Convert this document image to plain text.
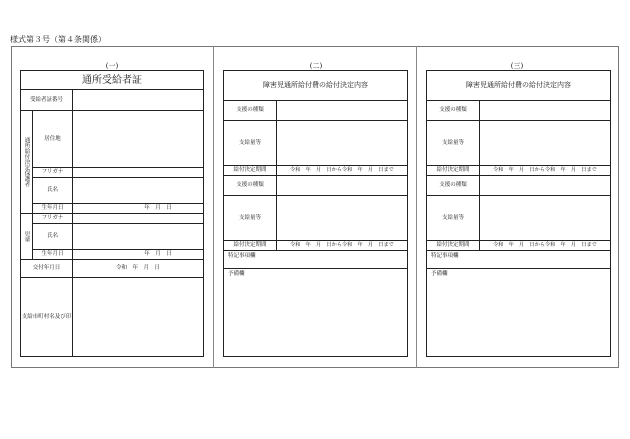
様式第３号（第４条関係）
(一)	(二)	(三)
通所受給者証		
受給者証番号		

通所給付決定保護者	居住地	
	フリガナ	
	氏名	
	生年月日	年　月　日

児童	フリガナ	
	氏名	
	生年月日	年　月　日
交付年月日		令和　年　月　日
支給市町村名及び印		
障害児通所給付費の給付決定内容	
支援の種類	
支給量等	
給付決定期間	令和　年　月　日から令和　年　月　日まで
支援の種類	
支給量等	
給付決定期間	令和　年　月　日から令和　年　月　日まで
特記事項欄	
予備欄	
障害児通所給付費の給付決定内容	
支援の種類	
支給量等	
給付決定期間	令和　年　月　日から令和　年　月　日まで
支援の種類	
支給量等	
給付決定期間	令和　年　月　日から令和　年　月　日まで
特記事項欄	
予備欄	
